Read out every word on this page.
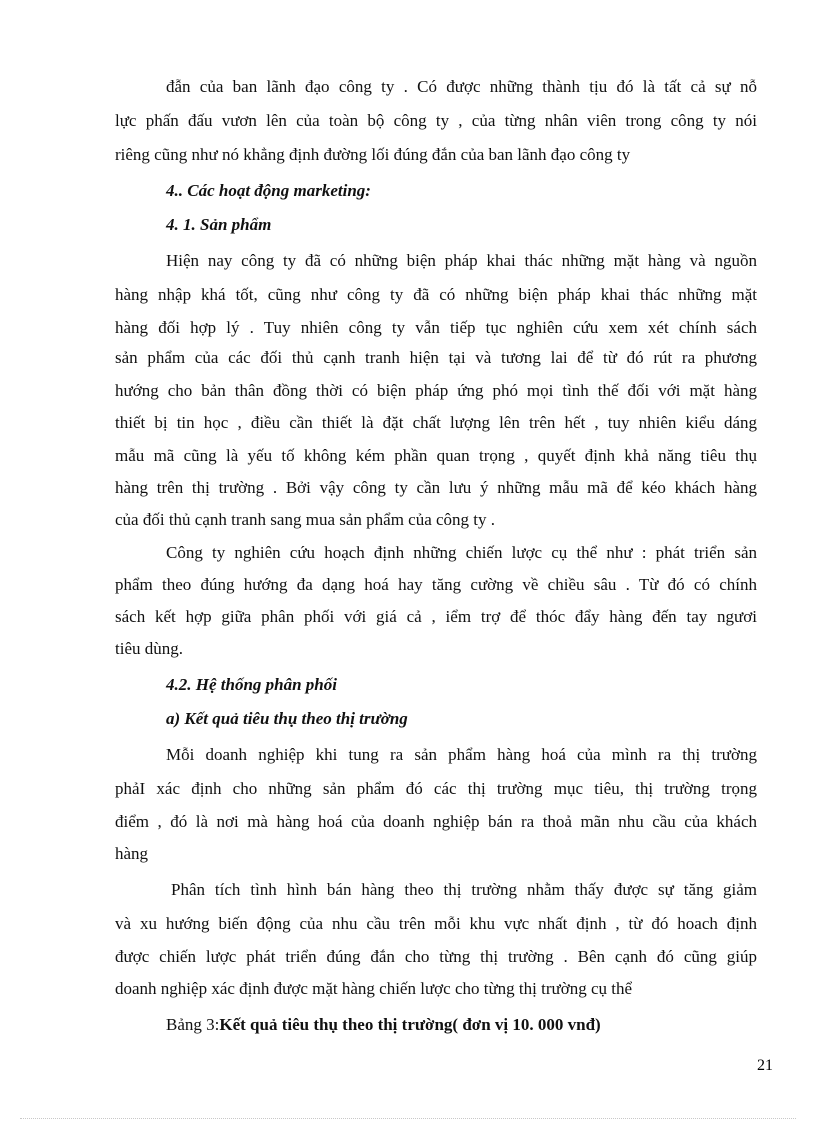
đẫn của ban lãnh đạo công ty . Có được những thành tịu đó là tất cả sự nỗ
lực phấn đấu vươn lên của toàn bộ công ty , của từng nhân viên trong công ty nói
riêng cũng như nó khẳng định đường lối đúng đắn của ban lãnh đạo công ty
4.. Các hoạt động marketing:
4. 1. Sản phẩm
Hiện nay công ty đã có những biện pháp khai thác những mặt hàng và nguồn
hàng nhập khá tốt, cũng như công ty đã có những biện pháp khai thác những mặt
hàng đối hợp lý . Tuy nhiên công ty vẫn tiếp tục nghiên cứu xem xét chính sách
sản phẩm của các đối thủ cạnh tranh hiện tại và tương lai để từ đó rút ra phương
hướng cho bản thân đồng thời có biện pháp ứng phó mọi tình thế đối với mặt hàng
thiết bị tin học , điều cần thiết là đặt chất lượng lên trên hết , tuy nhiên kiểu dáng
mẫu mã cũng là yếu tố không kém phần quan trọng , quyết định khả năng tiêu thụ
hàng trên thị trường . Bởi vậy công ty cần lưu ý những mẫu mã để kéo khách hàng
của đối thủ cạnh tranh sang mua sản phẩm của công ty .
Công ty nghiên cứu hoạch định những chiến lược cụ thể như : phát triển sản
phẩm theo đúng hướng đa dạng hoá hay tăng cường về chiều sâu . Từ đó có chính
sách kết hợp giữa phân phối với giá cả , iểm trợ để thóc đẩy hàng đến tay ngươi
tiêu dùng.
4.2. Hệ thống phân phối
a) Kết quả tiêu thụ theo thị trường
Mỗi doanh nghiệp khi tung ra sản phẩm hàng hoá của mình ra thị trường
phảI xác định cho những sản phẩm đó các thị trường mục tiêu, thị trường trọng
điểm , đó là nơi mà hàng hoá của doanh nghiệp bán ra thoả mãn nhu cầu của khách
hàng
Phân tích tình hình bán hàng theo thị trường nhằm thấy được sự tăng giảm
và xu hướng biến động của nhu cầu trên mỗi khu vực nhất định , từ đó hoach định
được chiến lược phát triển đúng đắn cho từng thị trường . Bên cạnh đó cũng giúp
doanh nghiệp xác định được mặt hàng chiến lược cho từng thị trường cụ thể
Bảng 3:Kết quả tiêu thụ theo thị trường( đơn vị 10. 000 vnđ)
21
